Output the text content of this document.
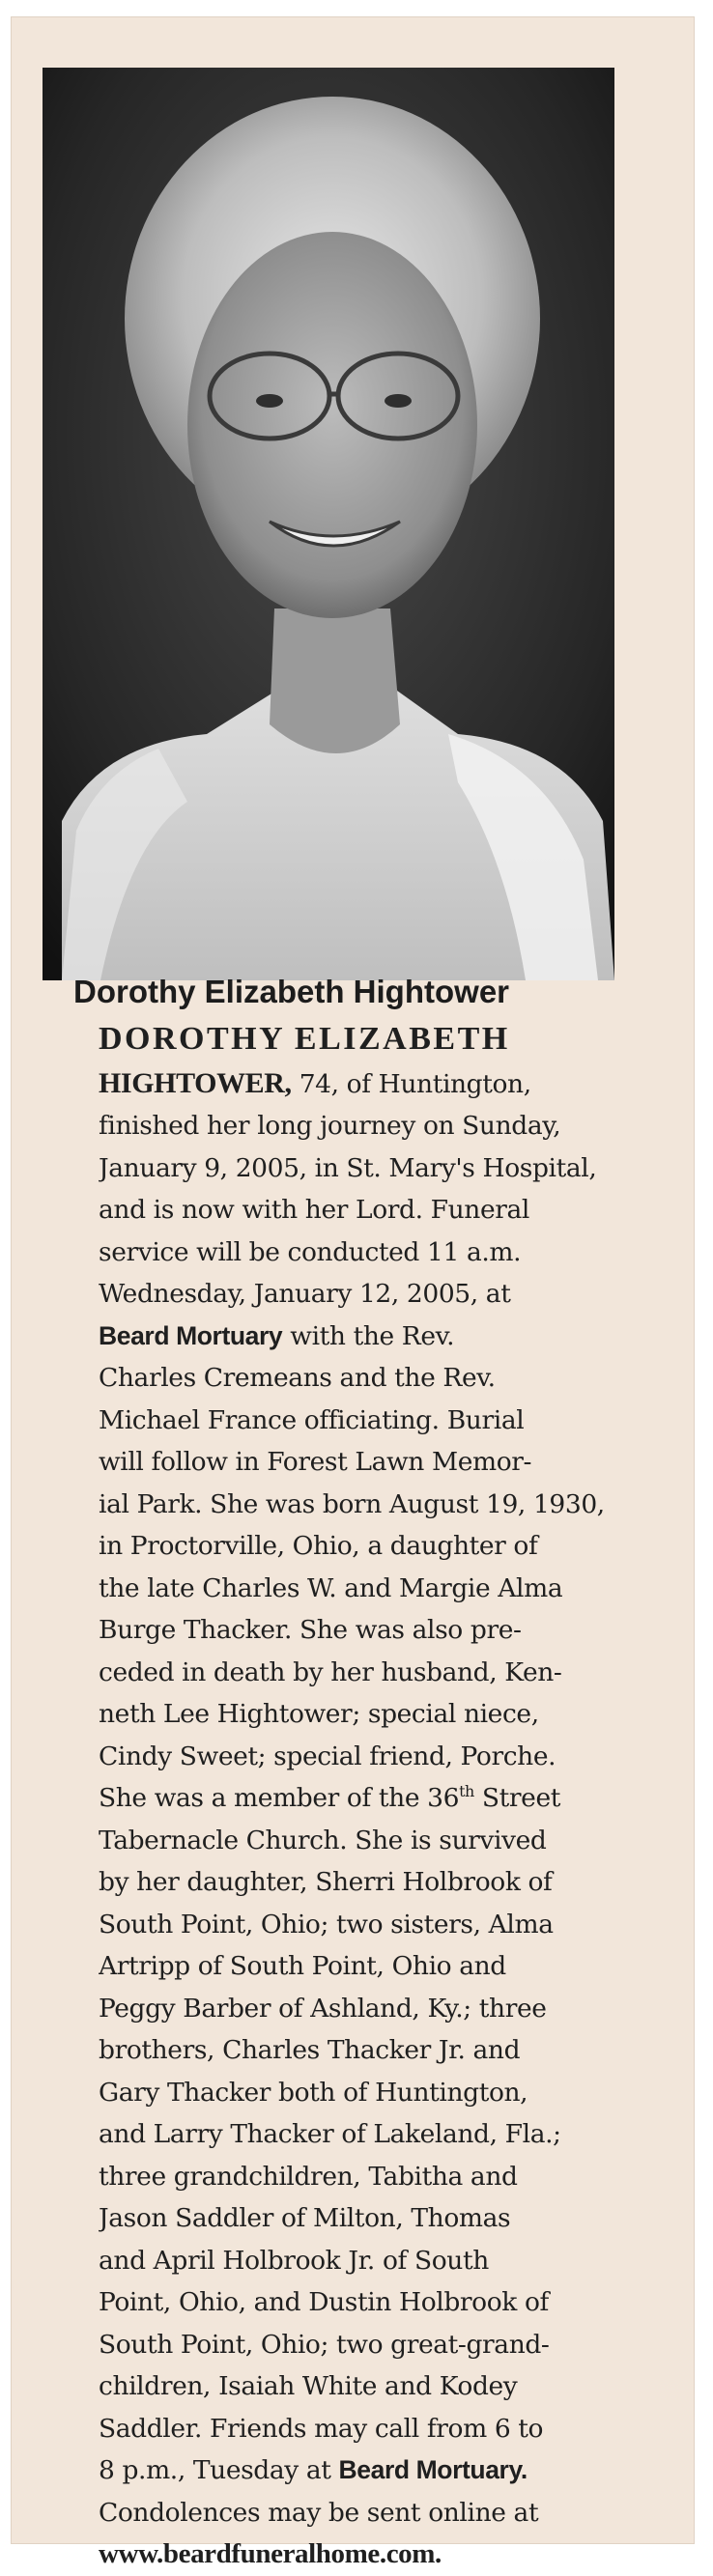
Dorothy Elizabeth Hightower
DOROTHY ELIZABETH
HIGHTOWER, 74, of Huntington,
finished her long journey on Sunday,
January 9, 2005, in St. Mary's Hospital,
and is now with her Lord. Funeral
service will be conducted 11 a.m.
Wednesday, January 12, 2005, at
Beard Mortuary with the Rev.
Charles Cremeans and the Rev.
Michael France officiating. Burial
will follow in Forest Lawn Memor-
ial Park. She was born August 19, 1930,
in Proctorville, Ohio, a daughter of
the late Charles W. and Margie Alma
Burge Thacker. She was also pre-
ceded in death by her husband, Ken-
neth Lee Hightower; special niece,
Cindy Sweet; special friend, Porche.
She was a member of the 36th Street
Tabernacle Church. She is survived
by her daughter, Sherri Holbrook of
South Point, Ohio; two sisters, Alma
Artripp of South Point, Ohio and
Peggy Barber of Ashland, Ky.; three
brothers, Charles Thacker Jr. and
Gary Thacker both of Huntington,
and Larry Thacker of Lakeland, Fla.;
three grandchildren, Tabitha and
Jason Saddler of Milton, Thomas
and April Holbrook Jr. of South
Point, Ohio, and Dustin Holbrook of
South Point, Ohio; two great-grand-
children, Isaiah White and Kodey
Saddler. Friends may call from 6 to
8 p.m., Tuesday at Beard Mortuary.
Condolences may be sent online at
www.beardfuneralhome.com.
